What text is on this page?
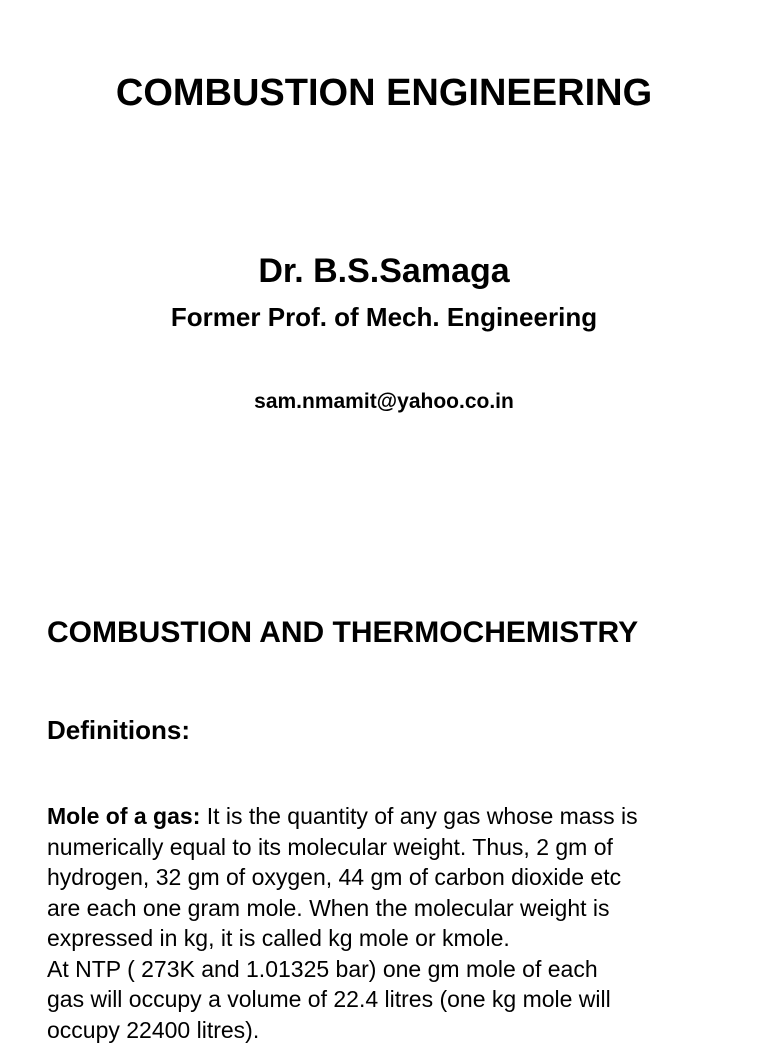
COMBUSTION ENGINEERING
Dr. B.S.Samaga
Former Prof. of Mech. Engineering
sam.nmamit@yahoo.co.in
COMBUSTION AND THERMOCHEMISTRY
Definitions:
Mole of a gas: It is the quantity of any gas whose mass is
numerically equal to its molecular weight. Thus, 2 gm of
hydrogen, 32 gm of oxygen, 44 gm of carbon dioxide etc
are each one gram mole. When the molecular weight is
expressed in kg, it is called kg mole or kmole.
At NTP ( 273K and 1.01325 bar) one gm mole of each
gas will occupy a volume of 22.4 litres (one kg mole will
occupy 22400 litres).
